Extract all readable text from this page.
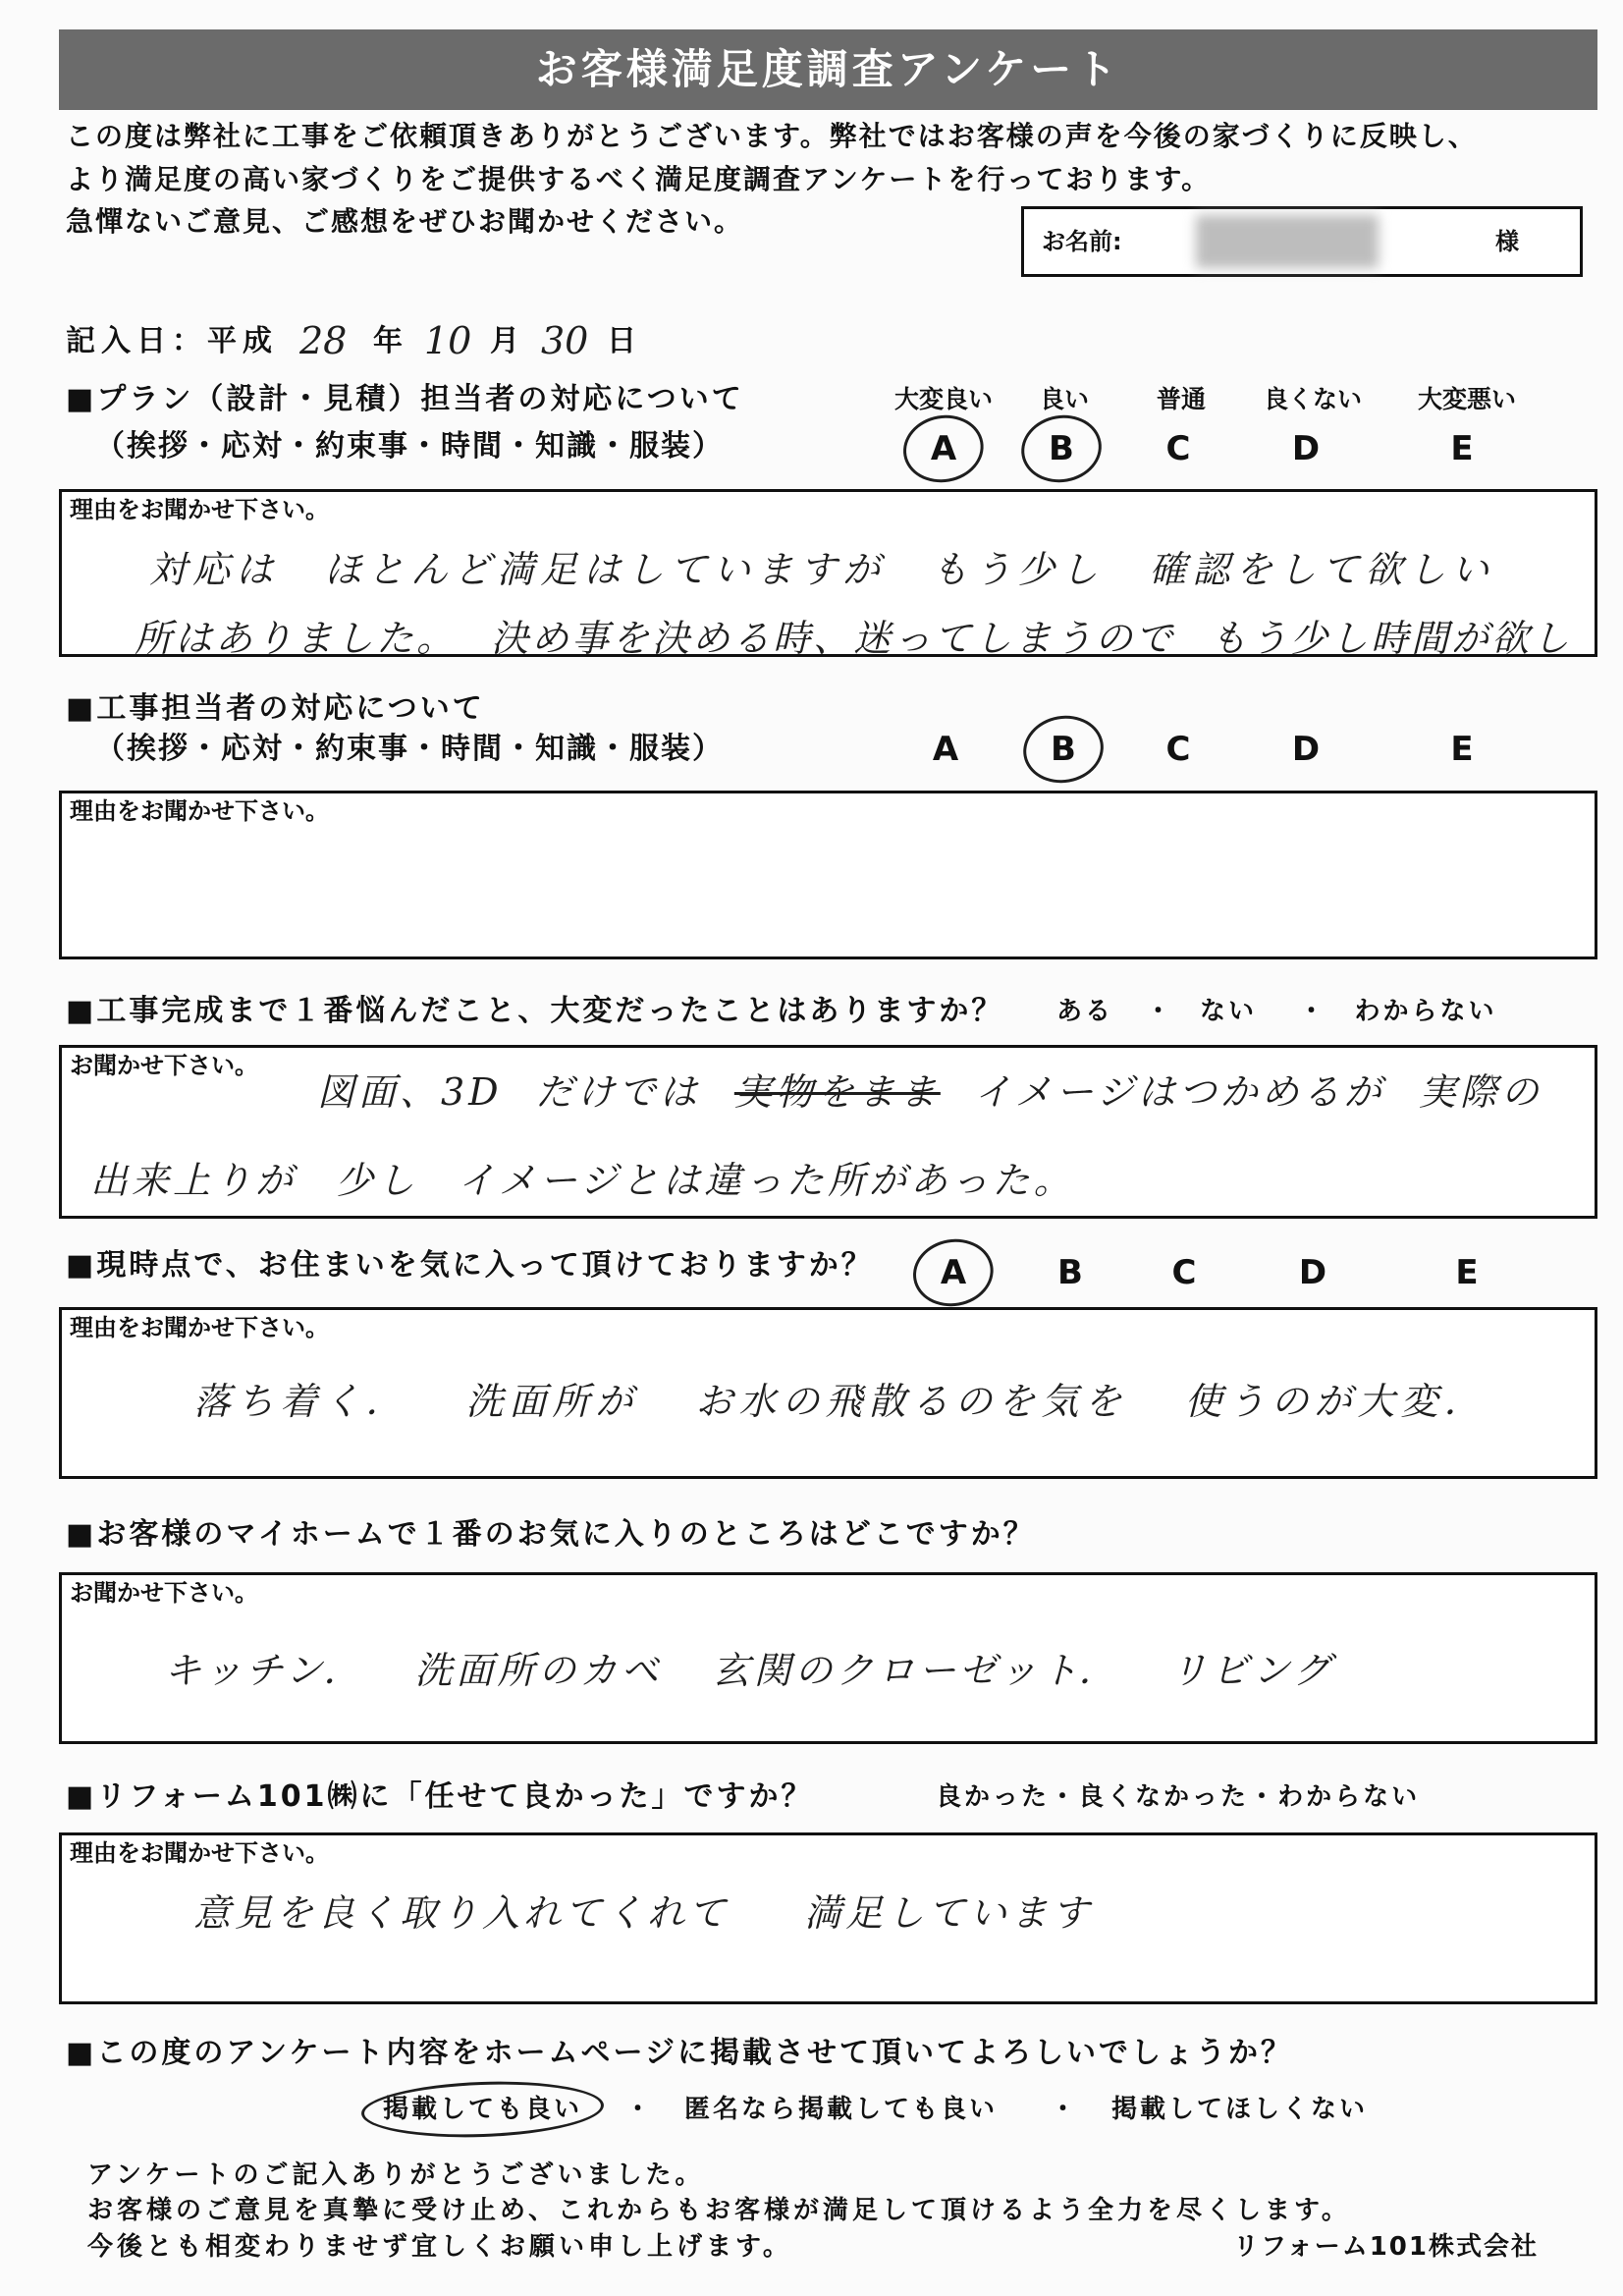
お客様満足度調査アンケート
この度は弊社に工事をご依頼頂きありがとうございます。弊社ではお客様の声を今後の家づくりに反映し、
より満足度の高い家づくりをご提供するべく満足度調査アンケートを行っております。
急憚ないご意見、ご感想をぜひお聞かせください。
お名前:	様
記入日：平成 28 年 10 月 30 日
■プラン（設計・見積）担当者の対応について
（挨拶・応対・約束事・時間・知識・服装）
大変良い 良い	普通 良くない 大変悪い
A	B	C	D	E
理由をお聞かせ下さい。
対応は ほとんど満足はしていますが もう少し 確認をして欲しい
所はありました。 決め事を決める時、迷ってしまうので もう少し時間が欲し
■工事担当者の対応について
（挨拶・応対・約束事・時間・知識・服装）	A	B	C	D	E
理由をお聞かせ下さい。
■工事完成まで１番悩んだこと、大変だったことはありますか？ ある ・ ない ・ わからない
お聞かせ下さい。
図面、3D だけでは 実物をまま イメージはつかめるが 実際の
出来上りが 少し イメージとは違った所があった。
■現時点で、お住まいを気に入って頂けておりますか？ A	B	C	D	E
理由をお聞かせ下さい。
落ち着く． 洗面所が お水の飛散るのを気を 使うのが大変．
■お客様のマイホームで１番のお気に入りのところはどこですか？
お聞かせ下さい。
キッチン． 洗面所のカベ 玄関のクローゼット． リビング
■リフォーム101㈱に「任せて良かった」ですか？	良かった ・ 良くなかった ・ わからない
理由をお聞かせ下さい。
意見を良く取り入れてくれて 満足しています
■この度のアンケート内容をホームページに掲載させて頂いてよろしいでしょうか？
掲載しても良い ・ 匿名なら掲載しても良い ・ 掲載してほしくない
アンケートのご記入ありがとうございました。
お客様のご意見を真摯に受け止め、これからもお客様が満足して頂けるよう全力を尽くします。
今後とも相変わりませず宜しくお願い申し上げます。	リフォーム101株式会社
